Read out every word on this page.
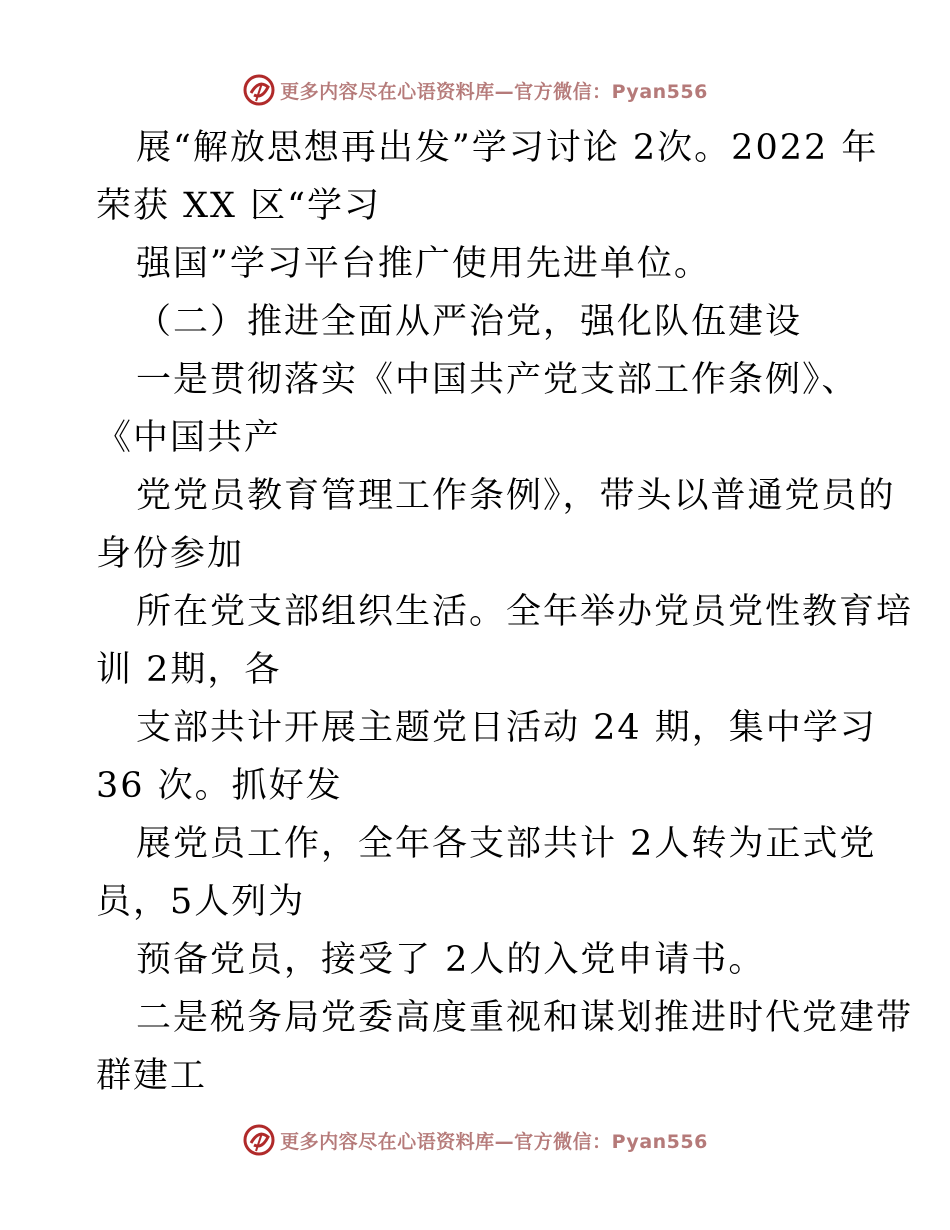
更多内容尽在心语资料库—官方微信：Pyan556
展“解放思想再出发”学习讨论 2次。2022 年
荣获 XX 区“学习
强国”学习平台推广使用先进单位。
（二）推进全面从严治党，强化队伍建设
一是贯彻落实《中国共产党支部工作条例》、
《中国共产
党党员教育管理工作条例》，带头以普通党员的
身份参加
所在党支部组织生活。全年举办党员党性教育培
训 2期，各
支部共计开展主题党日活动 24 期，集中学习
36 次。抓好发
展党员工作，全年各支部共计 2人转为正式党
员，5人列为
预备党员，接受了 2人的入党申请书。
二是税务局党委高度重视和谋划推进时代党建带
群建工
更多内容尽在心语资料库—官方微信：Pyan556
